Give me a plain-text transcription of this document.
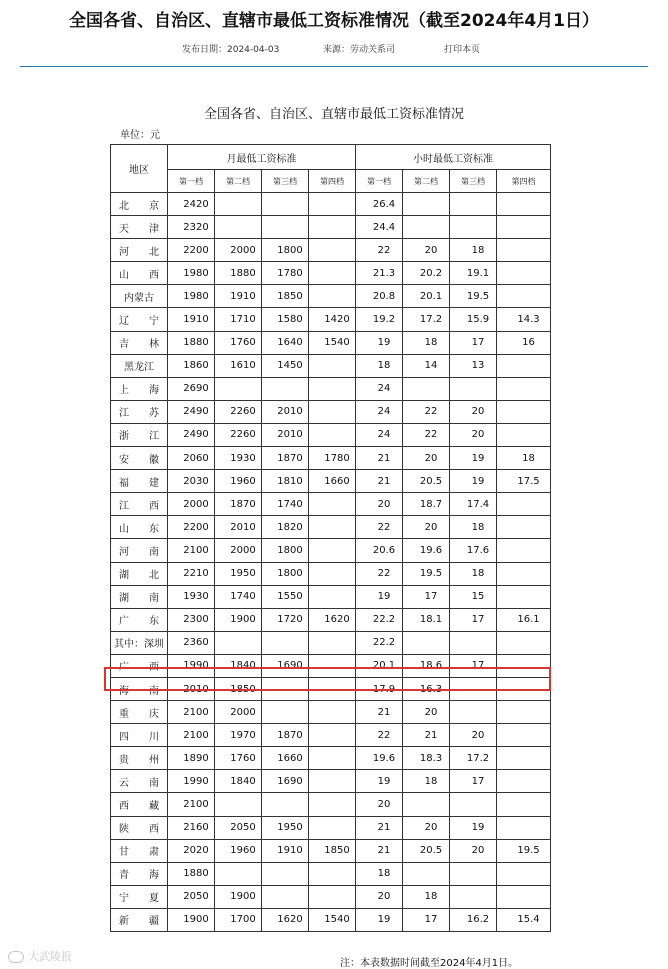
全国各省、自治区、直辖市最低工资标准情况（截至2024年4月1日）
发布日期：2024-04-03	来源：劳动关系司	打印本页
全国各省、自治区、直辖市最低工资标准情况
单位：元
地区	月最低工资标准				小时最低工资标准			
	第一档	第二档	第三档	第四档	第一档	第二档	第三档	第四档
北京	2420				26.4			
天津	2320				24.4			
河北	2200	2000	1800		22	20	18	
山西	1980	1880	1780		21.3	20.2	19.1	
内蒙古	1980	1910	1850		20.8	20.1	19.5	
辽宁	1910	1710	1580	1420	19.2	17.2	15.9	14.3
吉林	1880	1760	1640	1540	19	18	17	16
黑龙江	1860	1610	1450		18	14	13	
上海	2690				24			
江苏	2490	2260	2010		24	22	20	
浙江	2490	2260	2010		24	22	20	
安徽	2060	1930	1870	1780	21	20	19	18
福建	2030	1960	1810	1660	21	20.5	19	17.5
江西	2000	1870	1740		20	18.7	17.4	
山东	2200	2010	1820		22	20	18	
河南	2100	2000	1800		20.6	19.6	17.6	
湖北	2210	1950	1800		22	19.5	18	
湖南	1930	1740	1550		19	17	15	
广东	2300	1900	1720	1620	22.2	18.1	17	16.1
其中：深圳	2360				22.2			
广西	1990	1840	1690		20.1	18.6	17	
海南	2010	1850			17.9	16.3		
重庆	2100	2000			21	20		
四川	2100	1970	1870		22	21	20	
贵州	1890	1760	1660		19.6	18.3	17.2	
云南	1990	1840	1690		19	18	17	
西藏	2100				20			
陕西	2160	2050	1950		21	20	19	
甘肃	2020	1960	1910	1850	21	20.5	20	19.5
青海	1880				18			
宁夏	2050	1900			20	18		
新疆	1900	1700	1620	1540	19	17	16.2	15.4
注：本表数据时间截至2024年4月1日。
大武陵报
